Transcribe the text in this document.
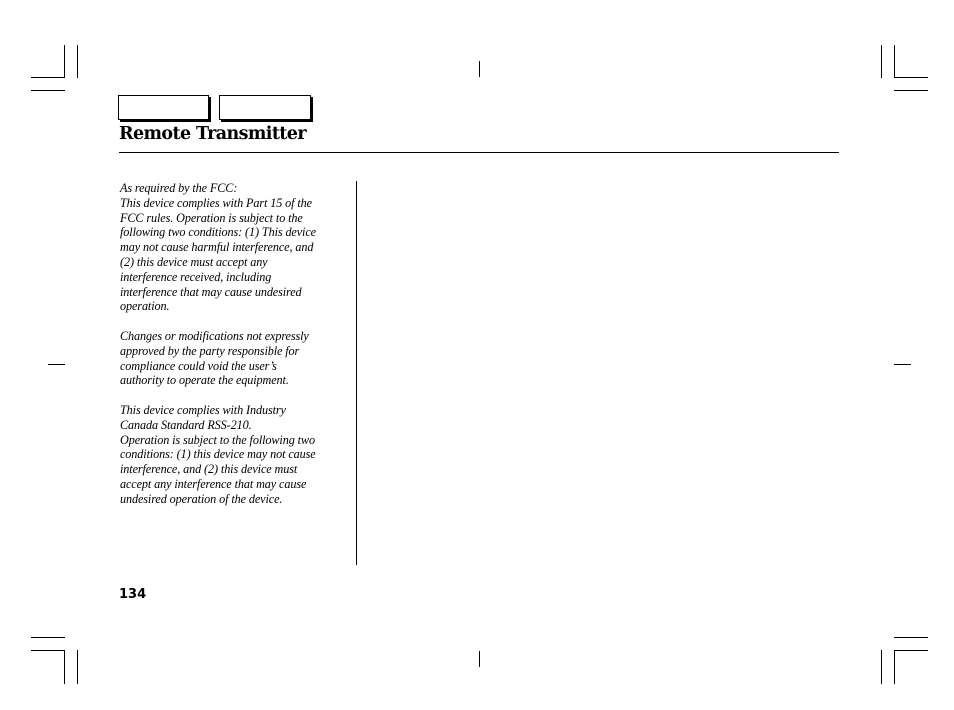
Remote Transmitter

As required by the FCC:

This device complies with Part 15 of the

FCC rules. Operation is subject to the

following two conditions: (1) This device

may not cause harmful interference, and

(2) this device must accept any

interference received, including

interference that may cause undesired

operation.

Changes or modifications not expressly

approved by the party responsible for

compliance could void the user’s

authority to operate the equipment.

This device complies with Industry

Canada Standard RSS-210.

Operation is subject to the following two

conditions: (1) this device may not cause

interference, and (2) this device must

accept any interference that may cause

undesired operation of the device.

134
